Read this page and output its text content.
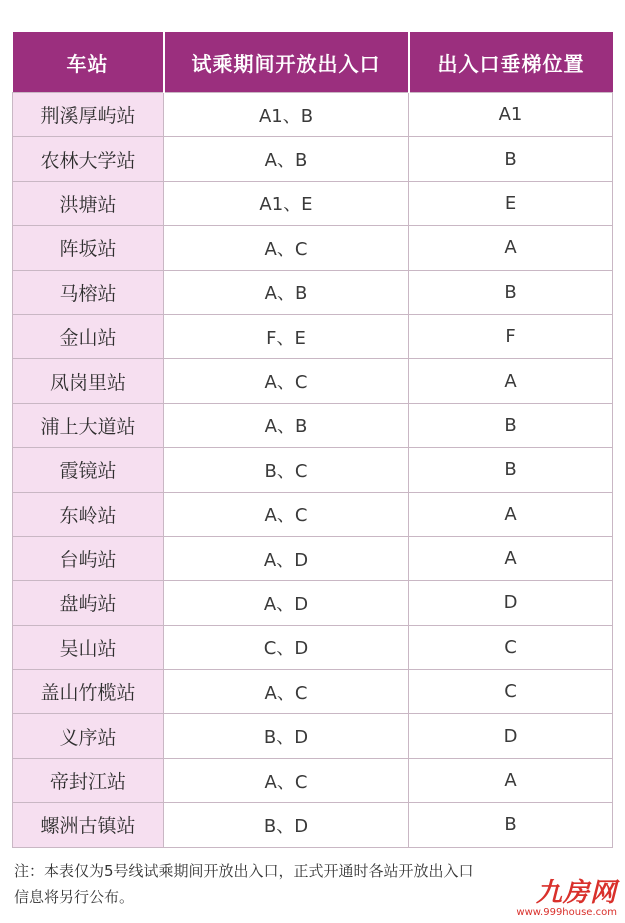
车站	试乘期间开放出入口	出入口垂梯位置
荆溪厚屿站	A1、B	A1
农林大学站	A、B	B
洪塘站	A1、E	E
阵坂站	A、C	A
马榕站	A、B	B
金山站	F、E	F
凤岗里站	A、C	A
浦上大道站	A、B	B
霞镜站	B、C	B
东岭站	A、C	A
台屿站	A、D	A
盘屿站	A、D	D
吴山站	C、D	C
盖山竹榄站	A、C	C
义序站	B、D	D
帝封江站	A、C	A
螺洲古镇站	B、D	B
注：本表仅为5号线试乘期间开放出入口，正式开通时各站开放出入口
信息将另行公布。	九房网
www.999house.com
